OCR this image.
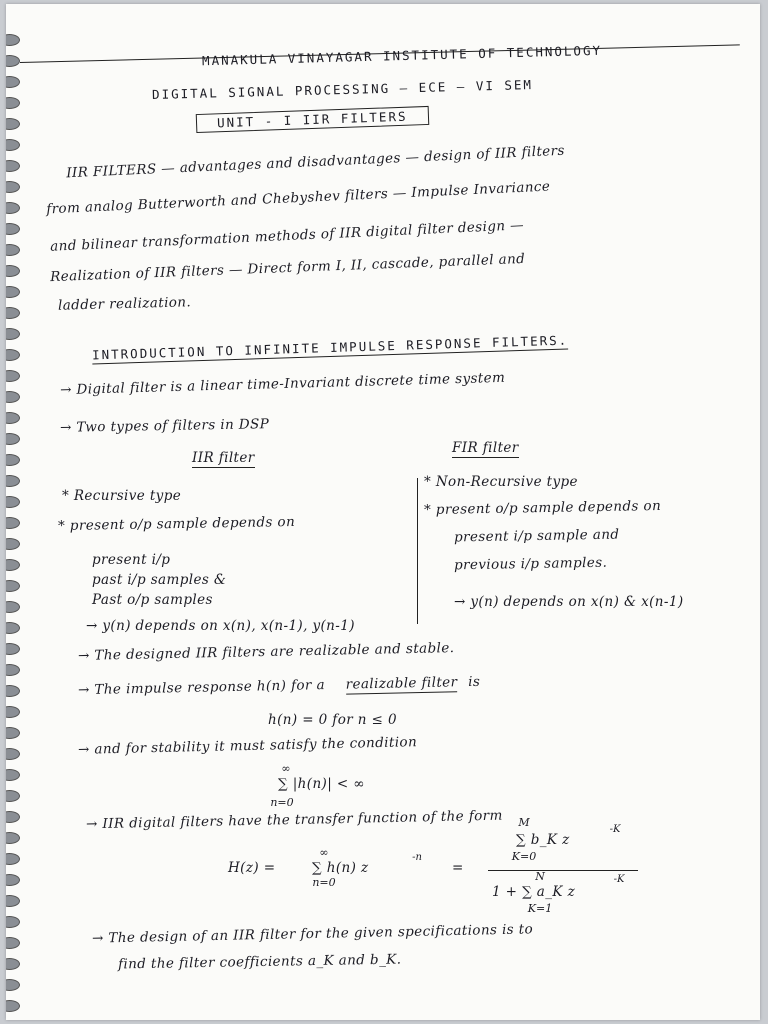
MANAKULA VINAYAGAR INSTITUTE OF TECHNOLOGY
DIGITAL SIGNAL PROCESSING — ECE — VI SEM
UNIT - I IIR FILTERS
IIR FILTERS — advantages and disadvantages — design of IIR filters
from analog Butterworth and Chebyshev filters — Impulse Invariance
and bilinear transformation methods of IIR digital filter design —
Realization of IIR filters — Direct form I, II, cascade, parallel and
ladder realization.
INTRODUCTION TO INFINITE IMPULSE RESPONSE FILTERS.
→ Digital filter is a linear time-Invariant discrete time system
→ Two types of filters in DSP
IIR filter
* Recursive type
* present o/p sample depends on
present i/p
past i/p samples &
Past o/p samples
→ y(n) depends on x(n), x(n-1), y(n-1)
FIR filter
* Non-Recursive type
* present o/p sample depends on
present i/p sample and
previous i/p samples.
→ y(n) depends on x(n) & x(n-1)
→ The designed IIR filters are realizable and stable.
→ The impulse response h(n) for a realizable filter is
h(n) = 0 for n ≤ 0
→ and for stability it must satisfy the condition
∞
∑ |h(n)| < ∞
n=0
→ IIR digital filters have the transfer function of the form
H(z) =
∞
∑ h(n) z
-n
n=0
=
M
∑ b_K z
-K
K=0
N
1 + ∑ a_K z
-K
K=1
→ The design of an IIR filter for the given specifications is to
find the filter coefficients a_K and b_K.
